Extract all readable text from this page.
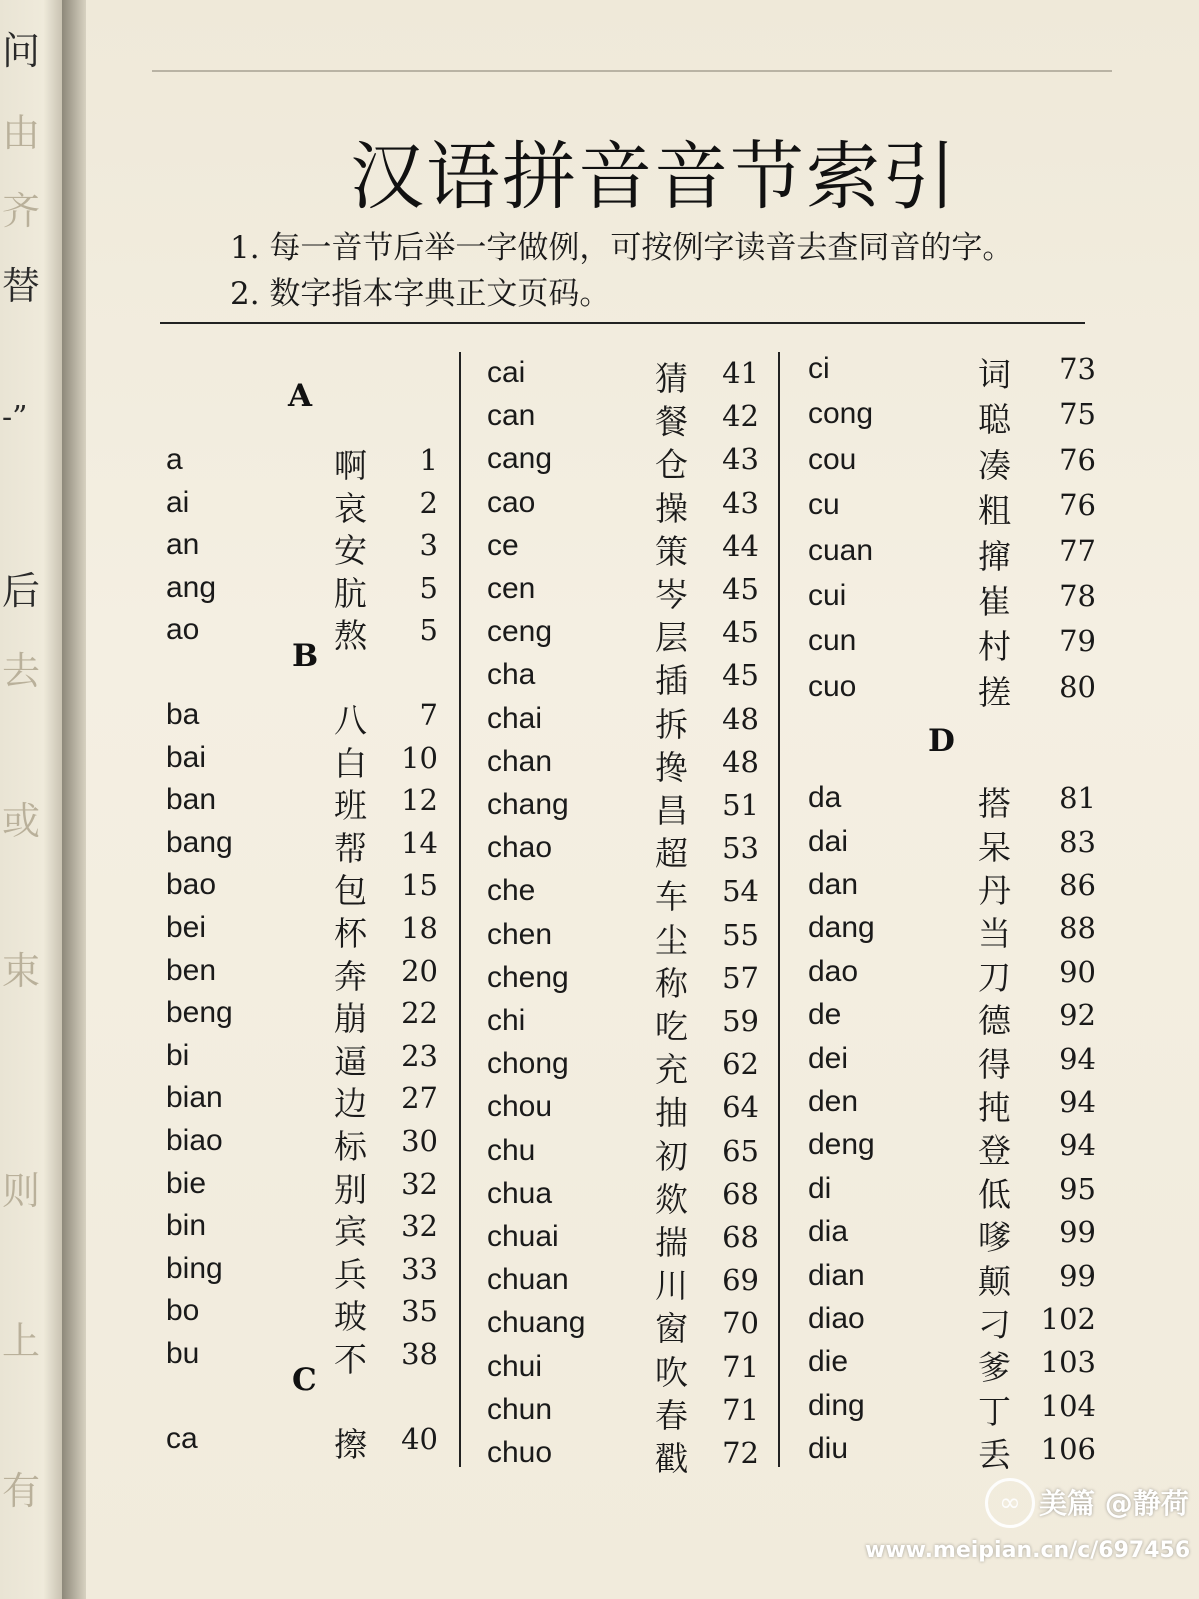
问
由
齐
替
-”
后
去
或
束
则
上
有
汉语拼音音节索引
1. 每一音节后举一字做例，可按例字读音去查同音的字。
2. 数字指本字典正文页码。
A
a	啊	1
ai	哀	2
an	安	3
ang	肮	5
ao	熬	5
B
ba	八	7
bai	白	10
ban	班	12
bang	帮	14
bao	包	15
bei	杯	18
ben	奔	20
beng	崩	22
bi	逼	23
bian	边	27
biao	标	30
bie	别	32
bin	宾	32
bing	兵	33
bo	玻	35
bu	不	38
C
ca	擦	40
cai	猜	41
can	餐	42
cang	仓	43
cao	操	43
ce	策	44
cen	岑	45
ceng	层	45
cha	插	45
chai	拆	48
chan	搀	48
chang	昌	51
chao	超	53
che	车	54
chen	尘	55
cheng	称	57
chi	吃	59
chong	充	62
chou	抽	64
chu	初	65
chua	欻	68
chuai	揣	68
chuan	川	69
chuang 窗	70
chui	吹	71
chun	春	71
chuo	戳	72
ci	词	73
cong	聪	75
cou	凑	76
cu	粗	76
cuan	撺	77
cui	崔	78
cun	村	79
cuo	搓	80
D
da	搭	81
dai	呆	83
dan	丹	86
dang	当	88
dao	刀	90
de	德	92
dei	得	94
den	扽	94
deng	登	94
di	低	95
dia	嗲	99
dian	颠	99
diao	刁	102
die	爹	103
ding	丁	104
diu	丢	106
∞ 美篇 @静荷
www.meipian.cn/c/697456
